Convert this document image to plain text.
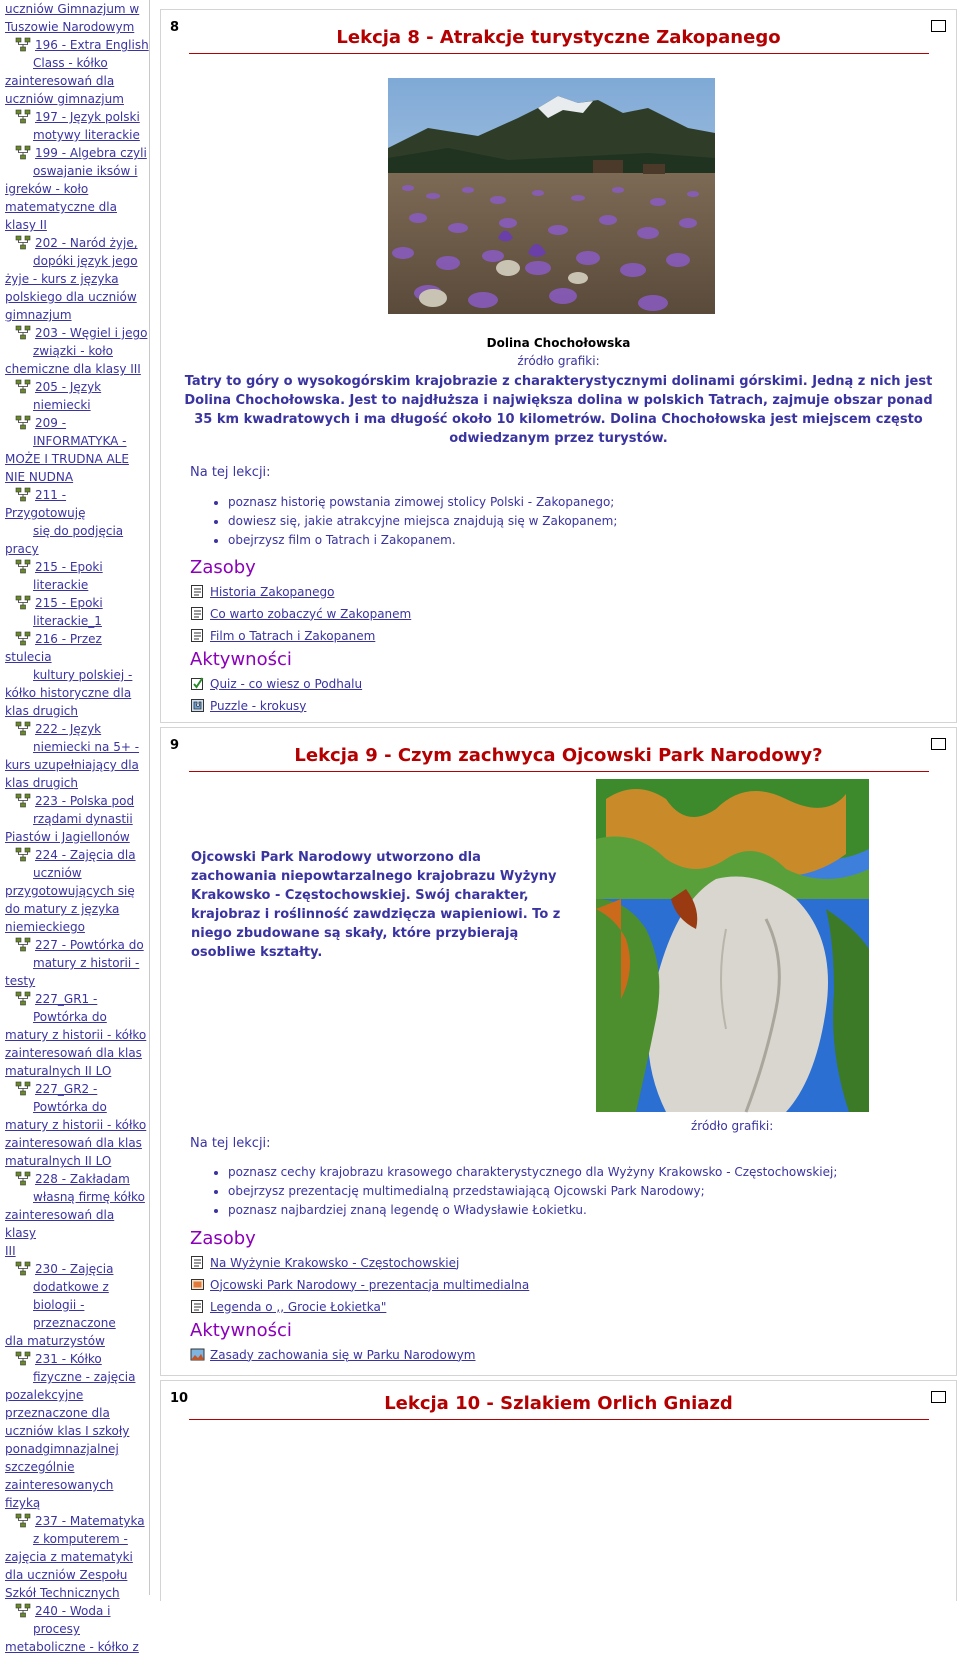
uczniów Gimnazjum w
Tuszowie Narodowym
196 - Extra English
Class - kółko
zainteresowań dla
uczniów gimnazjum
197 - Język polski
motywy literackie
199 - Algebra czyli
oswajanie iksów i
igreków - koło
matematyczne dla
klasy II
202 - Naród żyje,
dopóki język jego
żyje - kurs z języka
polskiego dla uczniów
gimnazjum
203 - Węgiel i jego
związki - koło
chemiczne dla klasy III
205 - Język
niemiecki
209 -
INFORMATYKA -
MOŻE I TRUDNA ALE
NIE NUDNA
211 - Przygotowuję
się do podjęcia
pracy
215 - Epoki
literackie
215 - Epoki
literackie_1
216 - Przez stulecia
kultury polskiej -
kółko historyczne dla
klas drugich
222 - Język
niemiecki na 5+ -
kurs uzupełniający dla
klas drugich
223 - Polska pod
rządami dynastii
Piastów i Jagiellonów
224 - Zajęcia dla
uczniów
przygotowujących się
do matury z języka
niemieckiego
227 - Powtórka do
matury z historii -
testy
227_GR1 -
Powtórka do
matury z historii - kółko
zainteresowań dla klas
maturalnych II LO
227_GR2 -
Powtórka do
matury z historii - kółko
zainteresowań dla klas
maturalnych II LO
228 - Zakładam
własną firmę kółko
zainteresowań dla klasy
III
230 - Zajęcia
dodatkowe z
biologii - przeznaczone
dla maturzystów
231 - Kółko
fizyczne - zajęcia
pozalekcyjne
przeznaczone dla
uczniów klas I szkoły
ponadgimnazjalnej
szczególnie
zainteresowanych
fizyką
237 - Matematyka
z komputerem -
zajęcia z matematyki
dla uczniów Zespołu
Szkół Technicznych
240 - Woda i
procesy
metaboliczne - kółko z
8	Lekcja 8 - Atrakcje turystyczne Zakopanego
Dolina Chochołowska
źródło grafiki:
Tatry to góry o wysokogórskim krajobrazie z charakterystycznymi dolinami górskimi. Jedną z nich jest
Dolina Chochołowska. Jest to najdłuższa i największa dolina w polskich Tatrach, zajmuje obszar ponad
35 km kwadratowych i ma długość około 10 kilometrów. Dolina Chochołowska jest miejscem często
odwiedzanym przez turystów.
Na tej lekcji:
• poznasz historię powstania zimowej stolicy Polski - Zakopanego;
• dowiesz się, jakie atrakcyjne miejsca znajdują się w Zakopanem;
• obejrzysz film o Tatrach i Zakopanem.
Zasoby
Historia Zakopanego
Co warto zobaczyć w Zakopanem
Film o Tatrach i Zakopanem
Aktywności
Quiz - co wiesz o Podhalu
Puzzle - krokusy
9	Lekcja 9 - Czym zachwyca Ojcowski Park Narodowy?
Ojcowski Park Narodowy utworzono dla
zachowania niepowtarzalnego krajobrazu Wyżyny
Krakowsko - Częstochowskiej. Swój charakter,
krajobraz i roślinność zawdzięcza wapieniowi. To z
niego zbudowane są skały, które przybierają
osobliwe kształty.
źródło grafiki:
Na tej lekcji:
• poznasz cechy krajobrazu krasowego charakterystycznego dla Wyżyny Krakowsko - Częstochowskiej;
• obejrzysz prezentację multimedialną przedstawiającą Ojcowski Park Narodowy;
• poznasz najbardziej znaną legendę o Władysławie Łokietku.
Zasoby
Na Wyżynie Krakowsko - Częstochowskiej
Ojcowski Park Narodowy - prezentacja multimedialna
Legenda o ,, Grocie Łokietka"
Aktywności
Zasady zachowania się w Parku Narodowym
10	Lekcja 10 - Szlakiem Orlich Gniazd
